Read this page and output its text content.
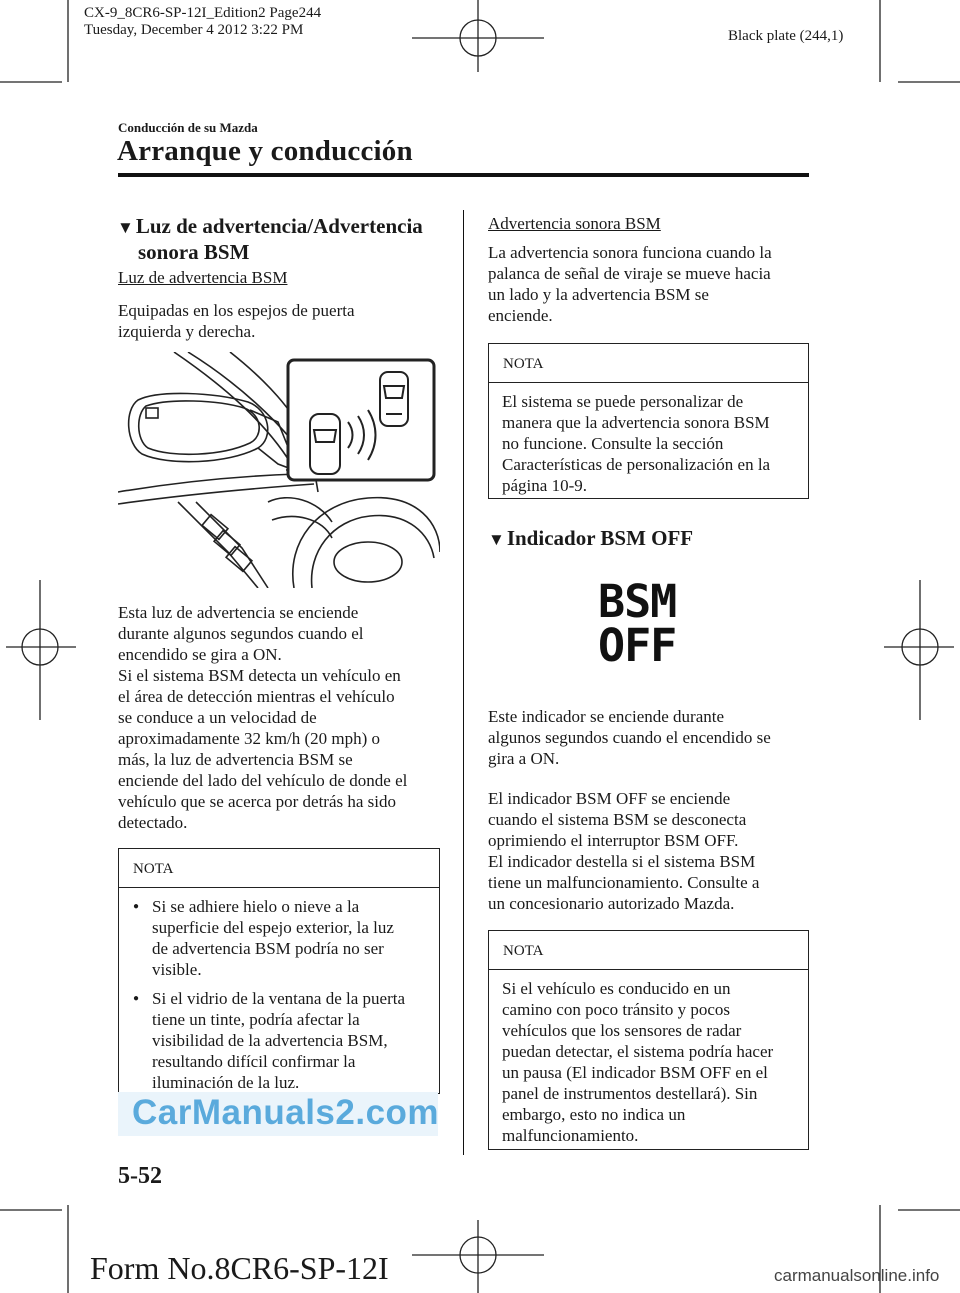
CX-9_8CR6-SP-12I_Edition2 Page244
Tuesday, December 4 2012 3:22 PM	Black plate (244,1)
Conducción de su Mazda
Arranque y conducción
▼Luz de advertencia/Advertencia
sonora BSM
Luz de advertencia BSM
Equipadas en los espejos de puerta
izquierda y derecha.
Esta luz de advertencia se enciende
durante algunos segundos cuando el
encendido se gira a ON.
Si el sistema BSM detecta un vehículo en
el área de detección mientras el vehículo
se conduce a un velocidad de
aproximadamente 32 km/h (20 mph) o
más, la luz de advertencia BSM se
enciende del lado del vehículo de donde el
vehículo que se acerca por detrás ha sido
detectado.
NOTA
● Si se adhiere hielo o nieve a la
superficie del espejo exterior, la luz
de advertencia BSM podría no ser
visible.
● Si el vidrio de la ventana de la puerta
tiene un tinte, podría afectar la
visibilidad de la advertencia BSM,
resultando difícil confirmar la
iluminación de la luz.
Advertencia sonora BSM
La advertencia sonora funciona cuando la
palanca de señal de viraje se mueve hacia
un lado y la advertencia BSM se
enciende.
NOTA
El sistema se puede personalizar de
manera que la advertencia sonora BSM
no funcione. Consulte la sección
Características de personalización en la
página 10-9.
▼Indicador BSM OFF
BSM
OFF
Este indicador se enciende durante
algunos segundos cuando el encendido se
gira a ON.
El indicador BSM OFF se enciende
cuando el sistema BSM se desconecta
oprimiendo el interruptor BSM OFF.
El indicador destella si el sistema BSM
tiene un malfuncionamiento. Consulte a
un concesionario autorizado Mazda.
NOTA
Si el vehículo es conducido en un
camino con poco tránsito y pocos
vehículos que los sensores de radar
puedan detectar, el sistema podría hacer
un pausa (El indicador BSM OFF en el
panel de instrumentos destellará). Sin
embargo, esto no indica un
malfuncionamiento.
CarManuals2.com
5-52
Form No.8CR6-SP-12I	carmanualsonline.info
